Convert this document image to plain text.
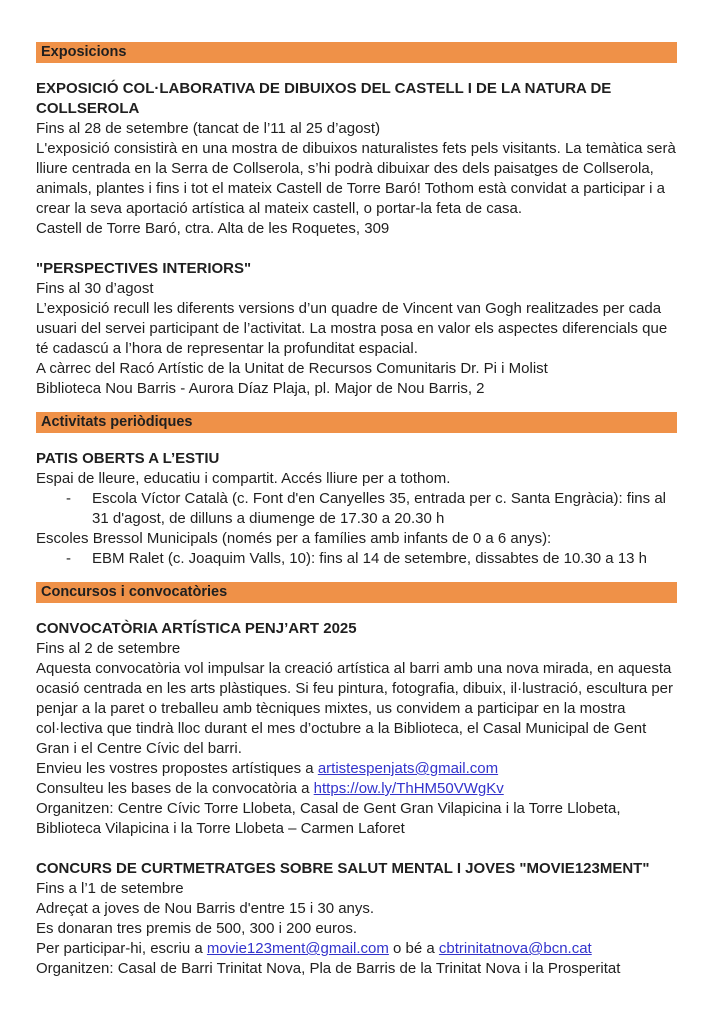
Exposicions

EXPOSICIÓ COL·LABORATIVA DE DIBUIXOS DEL CASTELL I DE LA NATURA DE COLLSEROLA

Fins al 28 de setembre (tancat de l’11 al 25 d’agost)

L'exposició consistirà en una mostra de dibuixos naturalistes fets pels visitants. La temàtica serà lliure centrada en la Serra de Collserola, s’hi podrà dibuixar des dels paisatges de Collserola, animals, plantes i fins i tot el mateix Castell de Torre Baró! Tothom està convidat a participar i a crear la seva aportació artística al mateix castell, o portar-la feta de casa.

Castell de Torre Baró, ctra. Alta de les Roquetes, 309

"PERSPECTIVES INTERIORS"

Fins al 30 d’agost

L’exposició recull les diferents versions d’un quadre de Vincent van Gogh realitzades per cada usuari del servei participant de l’activitat. La mostra posa en valor els aspectes diferencials que té cadascú a l’hora de representar la profunditat espacial.

A càrrec del Racó Artístic de la Unitat de Recursos Comunitaris Dr. Pi i Molist

Biblioteca Nou Barris - Aurora Díaz Plaja, pl. Major de Nou Barris, 2

Activitats periòdiques

PATIS OBERTS A L’ESTIU

Espai de lleure, educatiu i compartit. Accés lliure per a tothom.

- Escola Víctor Català (c. Font d'en Canyelles 35, entrada per c. Santa Engràcia): fins al 31 d'agost, de dilluns a diumenge de 17.30 a 20.30 h

Escoles Bressol Municipals (només per a famílies amb infants de 0 a 6 anys):

- EBM Ralet (c. Joaquim Valls, 10): fins al 14 de setembre, dissabtes de 10.30 a 13 h

Concursos i convocatòries

CONVOCATÒRIA ARTÍSTICA PENJ’ART 2025

Fins al 2 de setembre

Aquesta convocatòria vol impulsar la creació artística al barri amb una nova mirada, en aquesta ocasió centrada en les arts plàstiques. Si feu pintura, fotografia, dibuix, il·lustració, escultura per penjar a la paret o treballeu amb tècniques mixtes, us convidem a participar en la mostra col·lectiva que tindrà lloc durant el mes d’octubre a la Biblioteca, el Casal Municipal de Gent Gran i el Centre Cívic del barri.

Envieu les vostres propostes artístiques a artistespenjats@gmail.com

Consulteu les bases de la convocatòria a https://ow.ly/ThHM50VWgKv

Organitzen: Centre Cívic Torre Llobeta, Casal de Gent Gran Vilapicina i la Torre Llobeta, Biblioteca Vilapicina i la Torre Llobeta – Carmen Laforet

CONCURS DE CURTMETRATGES SOBRE SALUT MENTAL I JOVES "MOVIE123MENT"

Fins a l’1 de setembre

Adreçat a joves de Nou Barris d'entre 15 i 30 anys.

Es donaran tres premis de 500, 300 i 200 euros.

Per participar-hi, escriu a movie123ment@gmail.com o bé a cbtrinitatnova@bcn.cat

Organitzen: Casal de Barri Trinitat Nova, Pla de Barris de la Trinitat Nova i la Prosperitat
